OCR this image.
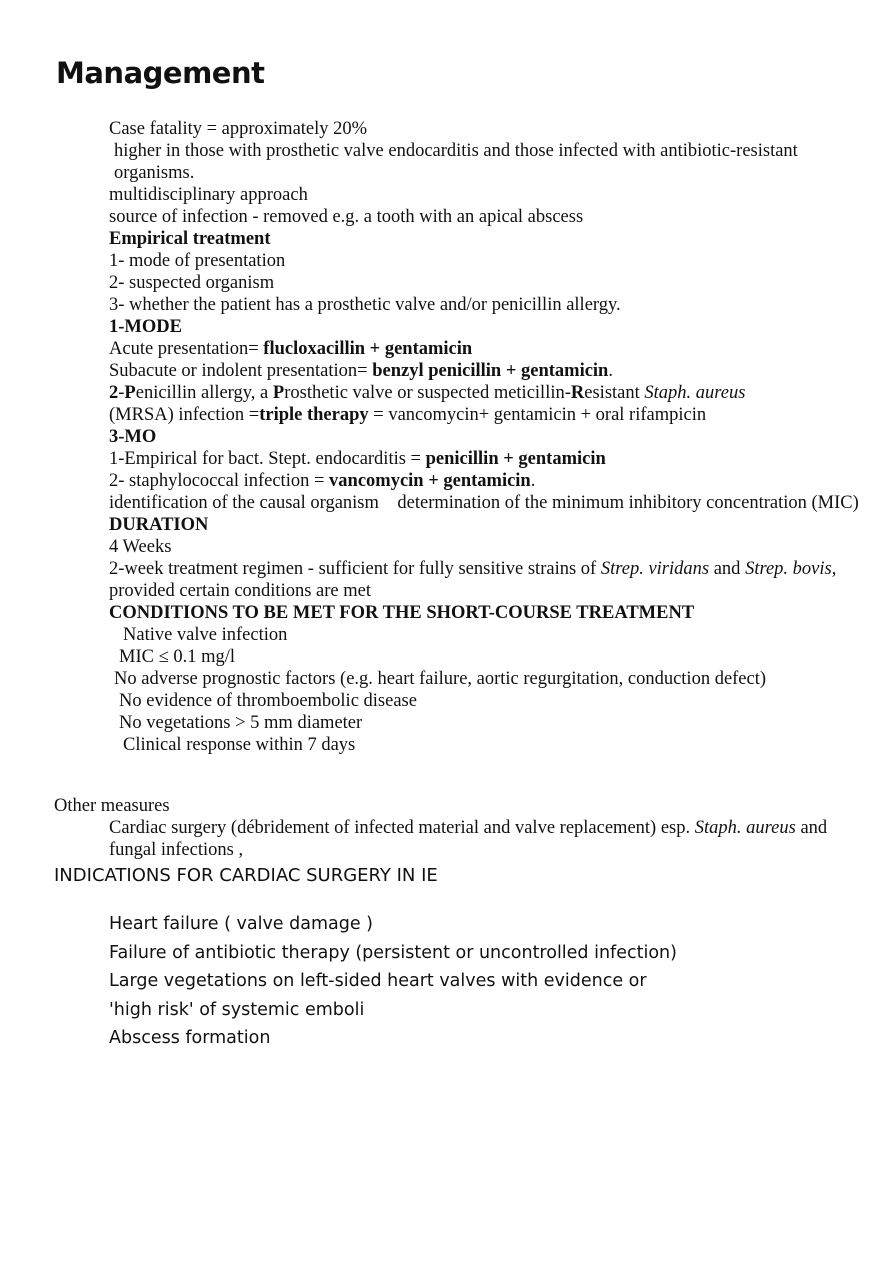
Management

Case fatality = approximately 20%

higher in those with prosthetic valve endocarditis and those infected with antibiotic-resistant organisms.

multidisciplinary approach

source of infection - removed e.g. a tooth with an apical abscess

Empirical treatment

1- mode of presentation

2- suspected organism

3- whether the patient has a prosthetic valve and/or penicillin allergy.

1-MODE

Acute presentation= flucloxacillin + gentamicin

Subacute or indolent presentation= benzyl penicillin + gentamicin.

2-Penicillin allergy, a Prosthetic valve or suspected meticillin-Resistant Staph. aureus
(MRSA) infection =triple therapy = vancomycin+ gentamicin + oral rifampicin

3-MO

1-Empirical for bact. Stept. endocarditis = penicillin + gentamicin

2- staphylococcal infection = vancomycin + gentamicin.

identification of the causal organism    determination of the minimum inhibitory concentration (MIC)

DURATION

4 Weeks

2-week treatment regimen - sufficient for fully sensitive strains of Strep. viridans and Strep. bovis, provided certain conditions are met

CONDITIONS TO BE MET FOR THE SHORT-COURSE TREATMENT

Native valve infection

MIC ≤ 0.1 mg/l

No adverse prognostic factors (e.g. heart failure, aortic regurgitation, conduction defect)

No evidence of thromboembolic disease

No vegetations > 5 mm diameter

Clinical response within 7 days

Other measures

Cardiac surgery (débridement of infected material and valve replacement) esp. Staph. aureus and fungal infections ,

INDICATIONS FOR CARDIAC SURGERY IN IE

Heart failure ( valve damage )
Failure of antibiotic therapy (persistent or uncontrolled infection)
Large vegetations on left-sided heart valves with evidence or
'high risk' of systemic emboli
Abscess formation
